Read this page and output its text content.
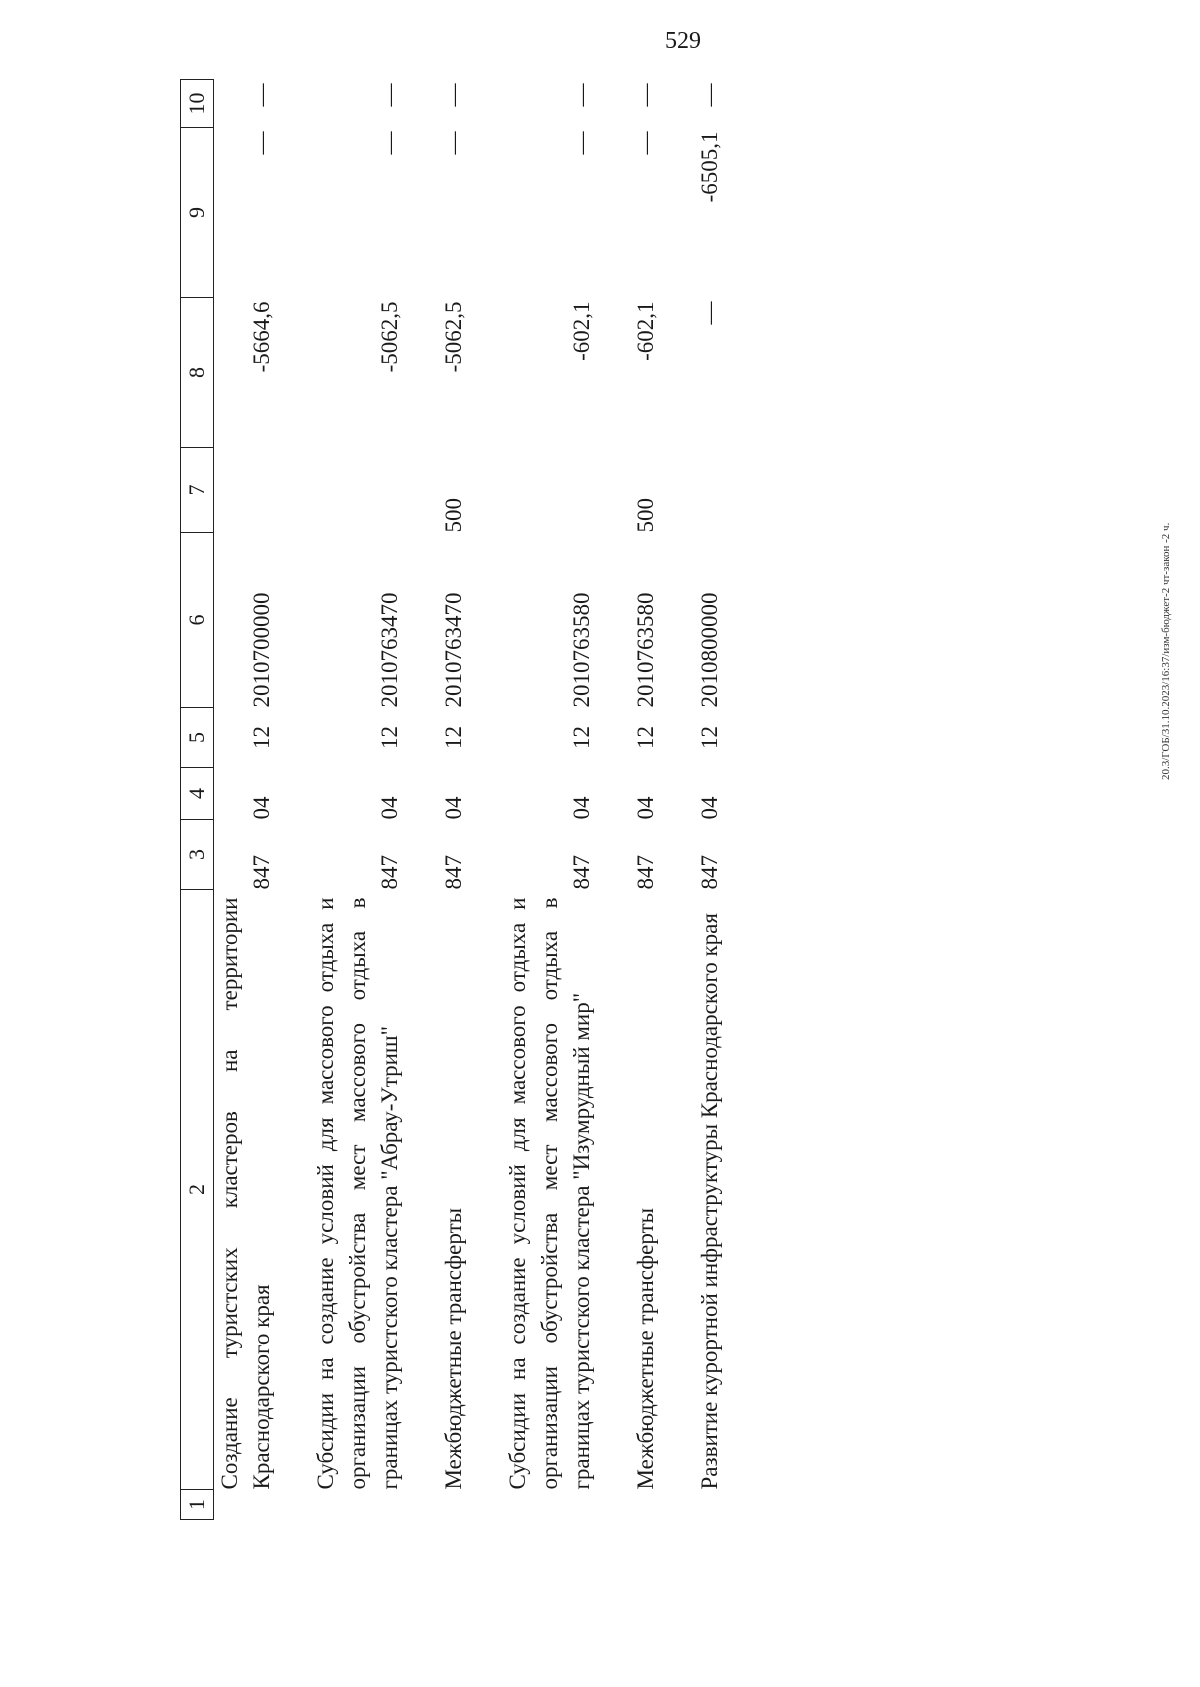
529
20.3/ГОБ/31.10.2023/16:37/изм-бюджет-2 чт-закон -2 ч.
1	2	3	4	5	6	7	8	9	10
	Создание туристских кластеров на территории Краснодарского края	847	04	12	2010700000		-5664,6	—	—

	Субсидии на создание условий для массового отдыха и организации обустройства мест массового отдыха в границах туристского кластера "Абрау-Утриш"	847	04	12	2010763470		-5062,5	—	—

	Межбюджетные трансферты	847	04	12	2010763470	500	-5062,5	—	—

	Субсидии на создание условий для массового отдыха и организации обустройства мест массового отдыха в границах туристского кластера "Изумрудный мир"	847	04	12	2010763580		-602,1	—	—

	Межбюджетные трансферты	847	04	12	2010763580	500	-602,1	—	—

	Развитие курортной инфраструктуры Краснодарского края	847	04	12	2010800000		—	-6505,1	—
